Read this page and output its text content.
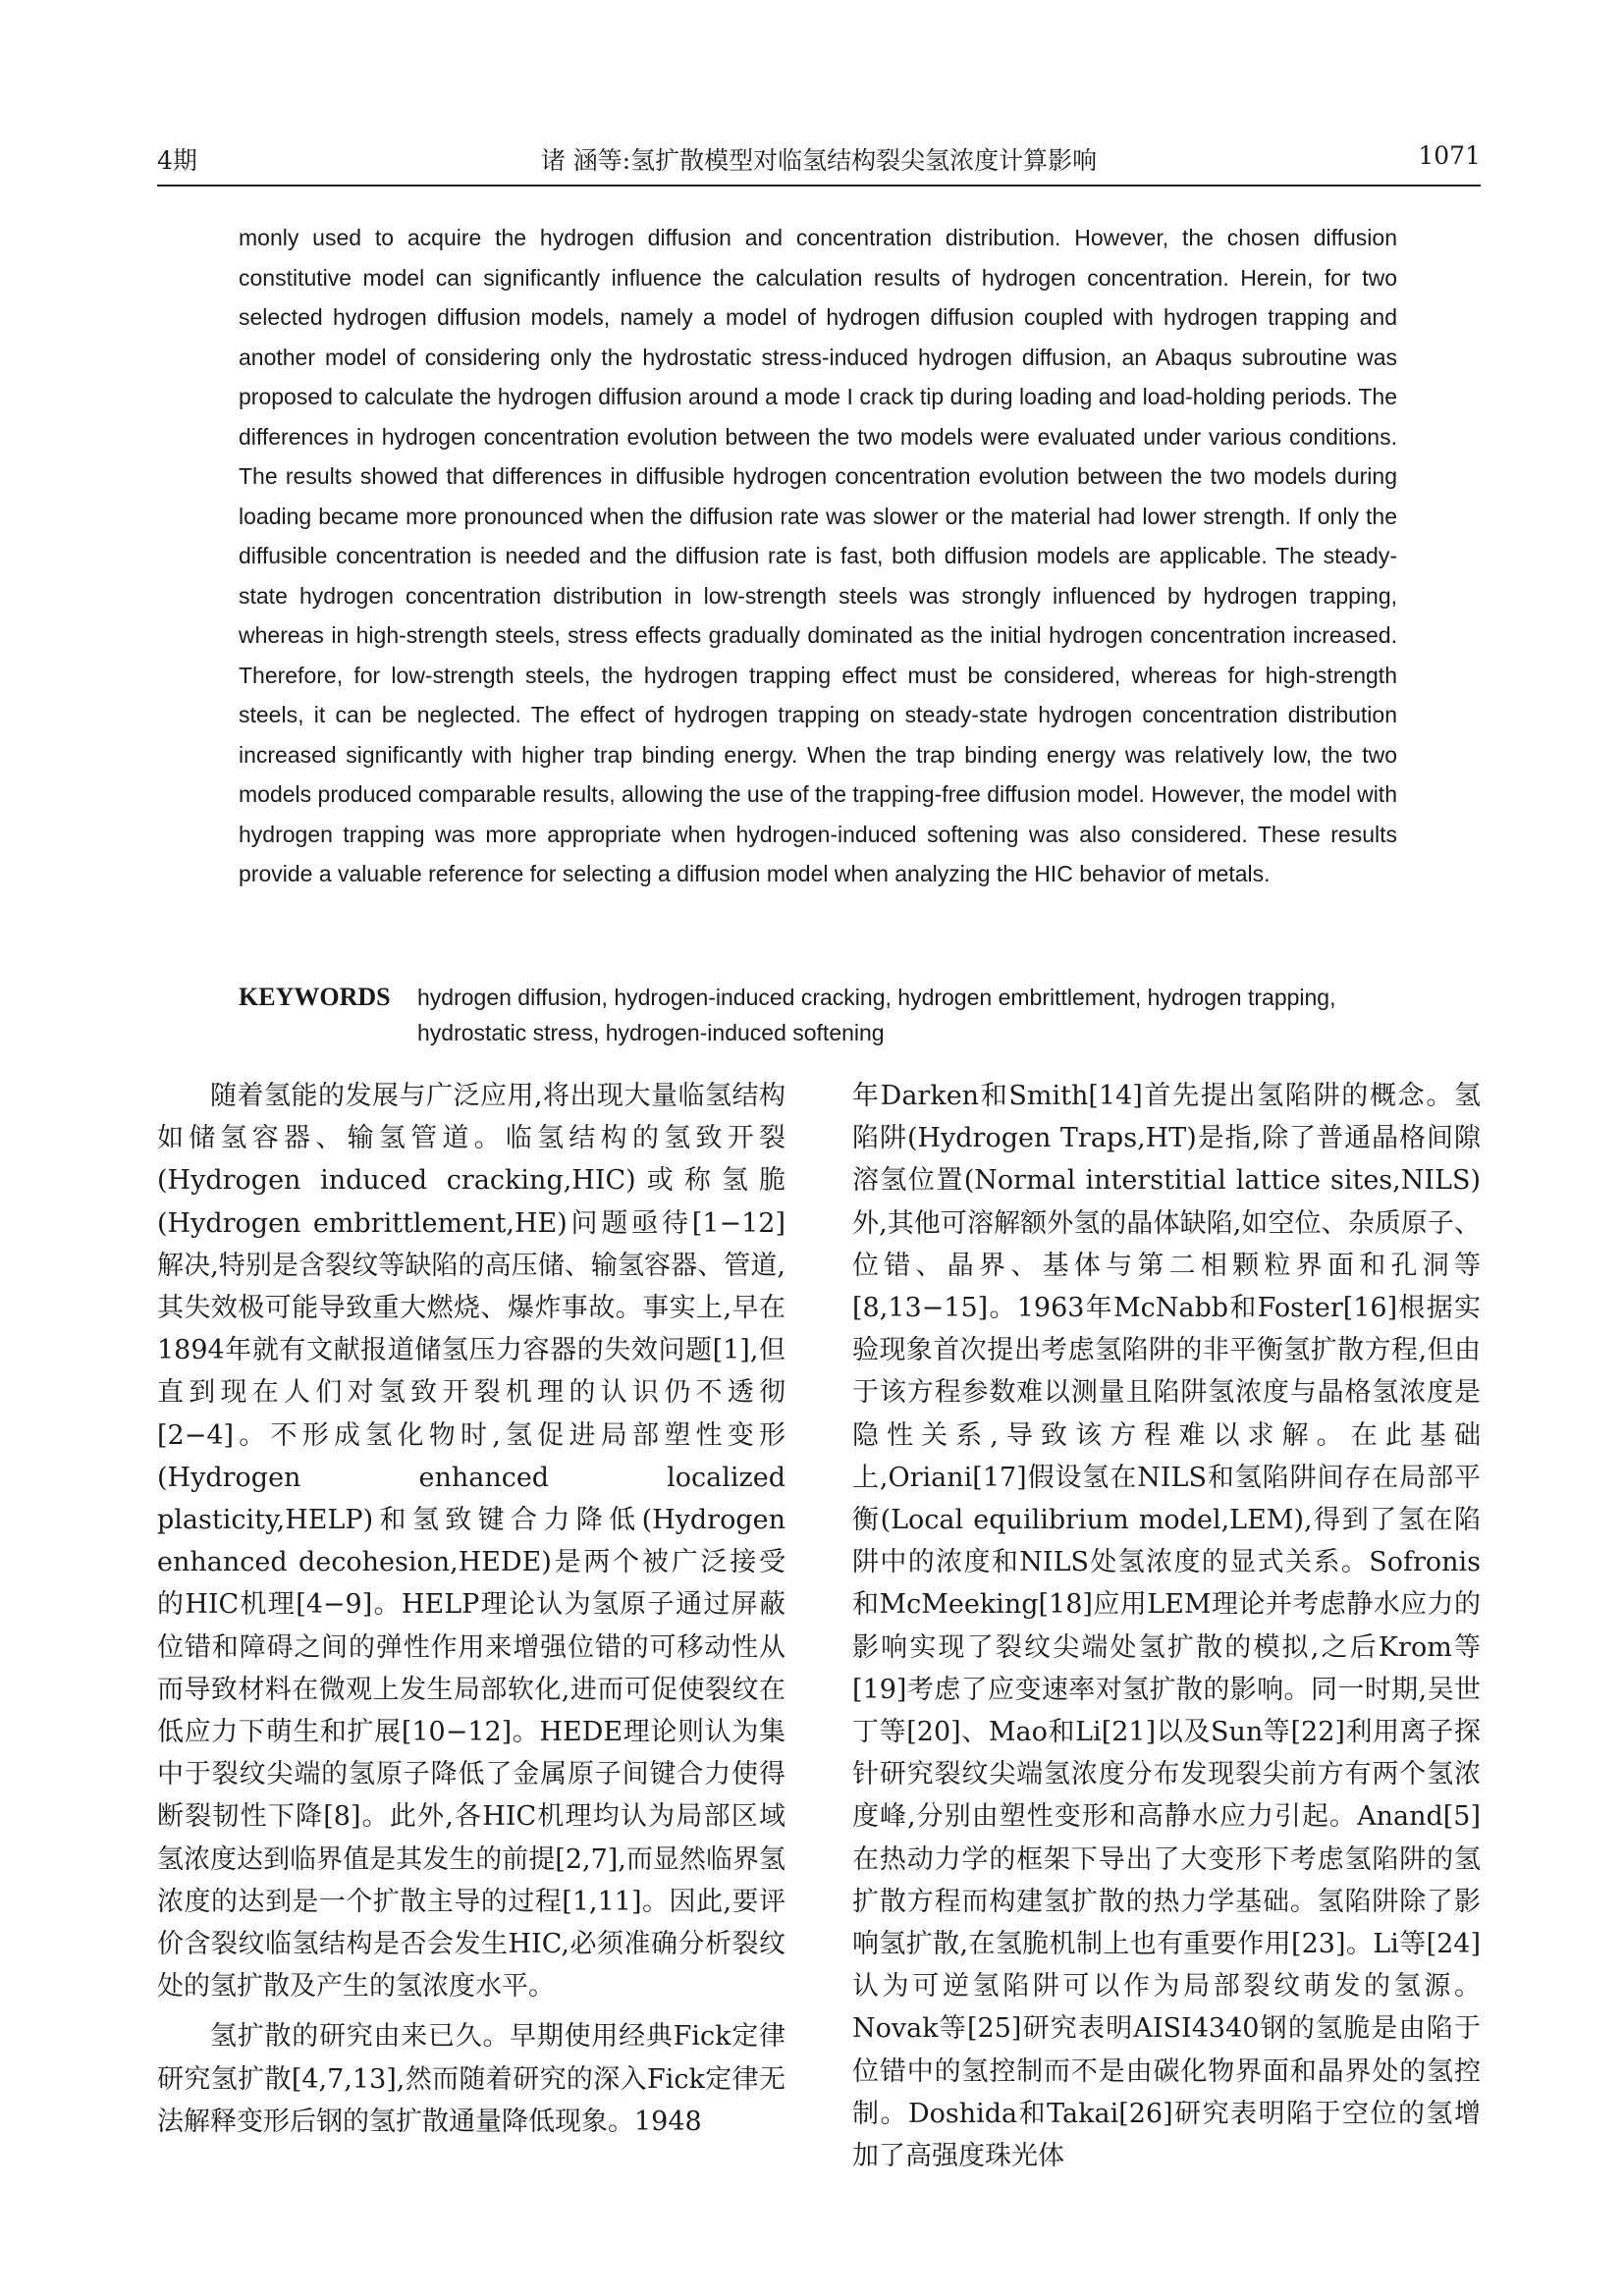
4期	诸 涵等:氢扩散模型对临氢结构裂尖氢浓度计算影响	1071

monly used to acquire the hydrogen diffusion and concentration distribution. However, the chosen diffusion constitutive model can significantly influence the calculation results of hydrogen concentration. Herein, for two selected hydrogen diffusion models, namely a model of hydrogen diffusion coupled with hydrogen trapping and another model of considering only the hydrostatic stress-induced hydrogen diffusion, an Abaqus subroutine was proposed to calculate the hydrogen diffusion around a mode I crack tip during loading and load-holding periods. The differences in hydrogen concentration evolution between the two models were evaluated under various conditions. The results showed that differences in diffusible hydrogen concentration evolution between the two models during loading became more pronounced when the diffusion rate was slower or the material had lower strength. If only the diffusible concentration is needed and the diffusion rate is fast, both diffusion models are applicable. The steady-state hydrogen concentration distribution in low-strength steels was strongly influenced by hydrogen trapping, whereas in high-strength steels, stress effects gradually dominated as the initial hydrogen concentration increased. Therefore, for low-strength steels, the hydrogen trapping effect must be considered, whereas for high-strength steels, it can be neglected. The effect of hydrogen trapping on steady-state hydrogen concentration distribution increased significantly with higher trap binding energy. When the trap binding energy was relatively low, the two models produced comparable results, allowing the use of the trapping-free diffusion model. However, the model with hydrogen trapping was more appropriate when hydrogen-induced softening was also considered. These results provide a valuable reference for selecting a diffusion model when analyzing the HIC behavior of metals.

KEYWORDS hydrogen diffusion, hydrogen-induced cracking, hydrogen embrittlement, hydrogen trapping, hydrostatic stress, hydrogen-induced softening

随着氢能的发展与广泛应用,将出现大量临氢结构如储氢容器、输氢管道。临氢结构的氢致开裂(Hydrogen induced cracking,HIC)或称氢脆(Hydrogen embrittlement,HE)问题亟待[1−12]解决,特别是含裂纹等缺陷的高压储、输氢容器、管道,其失效极可能导致重大燃烧、爆炸事故。事实上,早在1894年就有文献报道储氢压力容器的失效问题[1],但直到现在人们对氢致开裂机理的认识仍不透彻[2−4]。不形成氢化物时,氢促进局部塑性变形(Hydrogen enhanced localized plasticity,HELP)和氢致键合力降低(Hydrogen enhanced decohesion,HEDE)是两个被广泛接受的HIC机理[4−9]。HELP理论认为氢原子通过屏蔽位错和障碍之间的弹性作用来增强位错的可移动性从而导致材料在微观上发生局部软化,进而可促使裂纹在低应力下萌生和扩展[10−12]。HEDE理论则认为集中于裂纹尖端的氢原子降低了金属原子间键合力使得断裂韧性下降[8]。此外,各HIC机理均认为局部区域氢浓度达到临界值是其发生的前提[2,7],而显然临界氢浓度的达到是一个扩散主导的过程[1,11]。因此,要评价含裂纹临氢结构是否会发生HIC,必须准确分析裂纹处的氢扩散及产生的氢浓度水平。

氢扩散的研究由来已久。早期使用经典Fick定律研究氢扩散[4,7,13],然而随着研究的深入Fick定律无法解释变形后钢的氢扩散通量降低现象。1948

年Darken和Smith[14]首先提出氢陷阱的概念。氢陷阱(Hydrogen Traps,HT)是指,除了普通晶格间隙溶氢位置(Normal interstitial lattice sites,NILS)外,其他可溶解额外氢的晶体缺陷,如空位、杂质原子、位错、晶界、基体与第二相颗粒界面和孔洞等[8,13−15]。1963年McNabb和Foster[16]根据实验现象首次提出考虑氢陷阱的非平衡氢扩散方程,但由于该方程参数难以测量且陷阱氢浓度与晶格氢浓度是隐性关系,导致该方程难以求解。在此基础上,Oriani[17]假设氢在NILS和氢陷阱间存在局部平衡(Local equilibrium model,LEM),得到了氢在陷阱中的浓度和NILS处氢浓度的显式关系。Sofronis和McMeeking[18]应用LEM理论并考虑静水应力的影响实现了裂纹尖端处氢扩散的模拟,之后Krom等[19]考虑了应变速率对氢扩散的影响。同一时期,吴世丁等[20]、Mao和Li[21]以及Sun等[22]利用离子探针研究裂纹尖端氢浓度分布发现裂尖前方有两个氢浓度峰,分别由塑性变形和高静水应力引起。Anand[5]在热动力学的框架下导出了大变形下考虑氢陷阱的氢扩散方程而构建氢扩散的热力学基础。氢陷阱除了影响氢扩散,在氢脆机制上也有重要作用[23]。Li等[24]认为可逆氢陷阱可以作为局部裂纹萌发的氢源。Novak等[25]研究表明AISI4340钢的氢脆是由陷于位错中的氢控制而不是由碳化物界面和晶界处的氢控制。Doshida和Takai[26]研究表明陷于空位的氢增加了高强度珠光体
